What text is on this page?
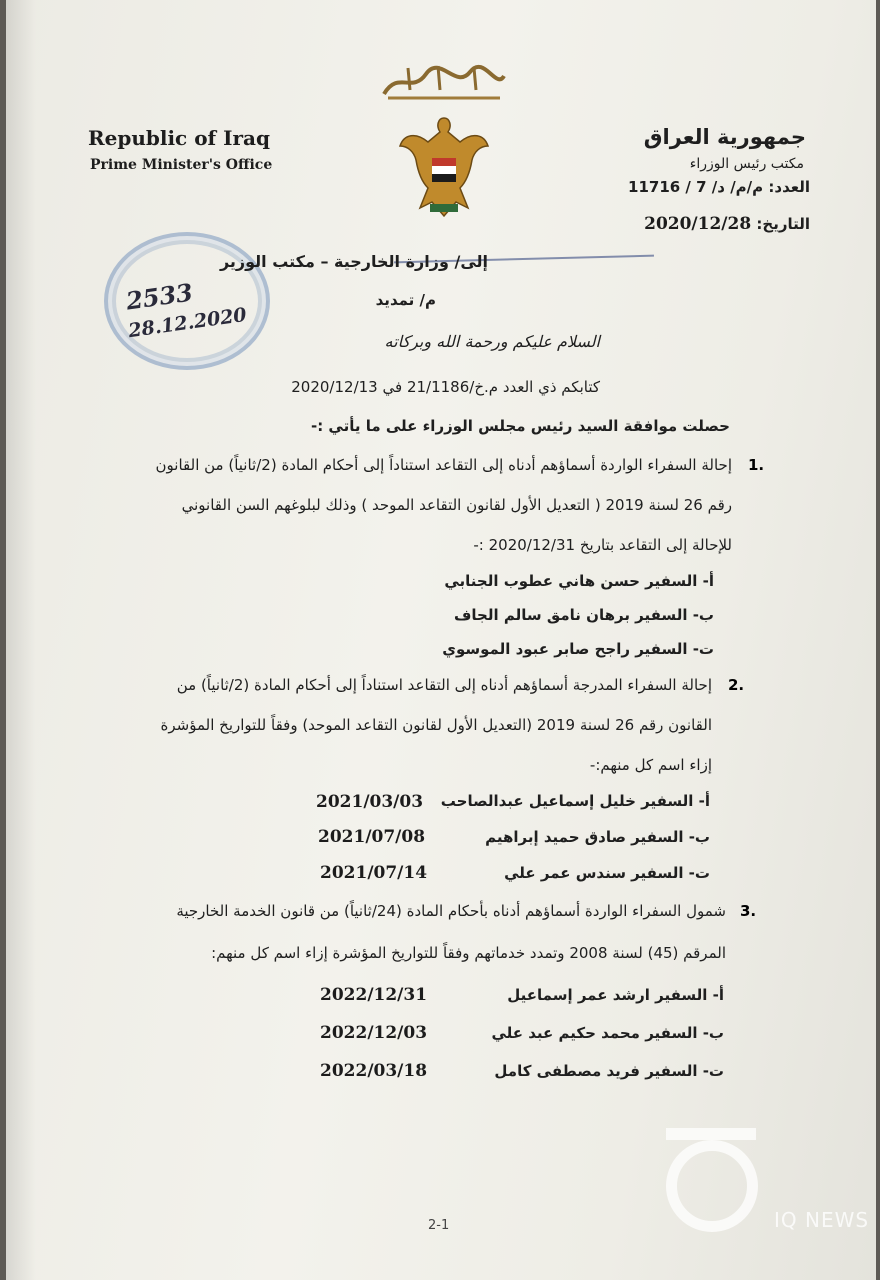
Republic of Iraq
Prime Minister's Office
جمهورية العراق
مكتب رئيس الوزراء
العدد: م/م/ د/ 7 / 11716
التاريخ: 2020/12/28
2533
28.12.2020
إلى/ وزارة الخارجية – مكتب الوزير
م/ تمديد
السلام عليكم ورحمة الله وبركاته
كتابكم ذي العدد م.خ/21/1186 في 2020/12/13
حصلت موافقة السيد رئيس مجلس الوزراء على ما يأتي :-
1.
إحالة السفراء الواردة أسماؤهم أدناه إلى التقاعد استناداً إلى أحكام المادة (2/ثانياً) من القانون
رقم 26 لسنة 2019 ( التعديل الأول لقانون التقاعد الموحد ) وذلك لبلوغهم السن القانوني
للإحالة إلى التقاعد بتاريخ 2020/12/31 :-
أ- السفير حسن هاني عطوب الجنابي
ب- السفير برهان نامق سالم الجاف
ت- السفير راجح صابر عبود الموسوي
2.
إحالة السفراء المدرجة أسماؤهم أدناه إلى التقاعد استناداً إلى أحكام المادة (2/ثانياً) من
القانون رقم 26 لسنة 2019 (التعديل الأول لقانون التقاعد الموحد) وفقاً للتواريخ المؤشرة
إزاء اسم كل منهم:-
أ- السفير خليل إسماعيل عبدالصاحب
2021/03/03
ب- السفير صادق حميد إبراهيم
2021/07/08
ت- السفير سندس عمر علي
2021/07/14
3.
شمول السفراء الواردة أسماؤهم أدناه بأحكام المادة (24/ثانياً) من قانون الخدمة الخارجية
المرقم (45) لسنة 2008 وتمدد خدماتهم وفقاً للتواريخ المؤشرة إزاء اسم كل منهم:
أ- السفير ارشد عمر إسماعيل
2022/12/31
ب- السفير محمد حكيم عبد علي
2022/12/03
ت- السفير فريد مصطفى كامل
2022/03/18
2-1	IQ NEWS
